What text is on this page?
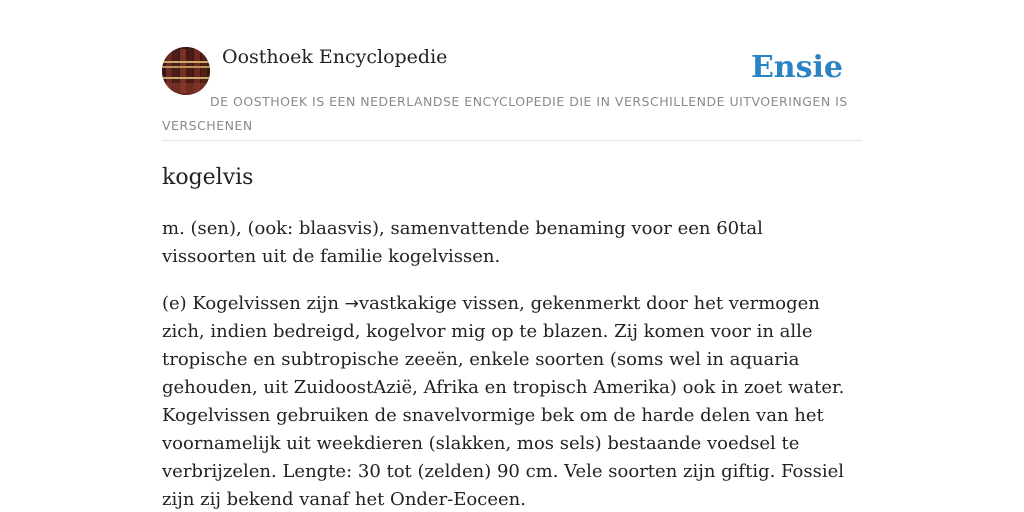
Oosthoek Encyclopedie	Ensie
DE OOSTHOEK IS EEN NEDERLANDSE ENCYCLOPEDIE DIE IN VERSCHILLENDE UITVOERINGEN IS VERSCHENEN
kogelvis

m. (sen), (ook: blaasvis), samenvattende benaming voor een 60tal vissoorten uit de familie kogelvissen.

(e) Kogelvissen zijn →vastkakige vissen, gekenmerkt door het vermogen zich, indien bedreigd, kogelvor mig op te blazen. Zij komen voor in alle tropische en subtropische zeeën, enkele soorten (soms wel in aquaria gehouden, uit ZuidoostAzië, Afrika en tropisch Amerika) ook in zoet water. Kogelvissen gebruiken de snavelvormige bek om de harde delen van het voornamelijk uit weekdieren (slakken, mos sels) bestaande voedsel te verbrijzelen. Lengte: 30 tot (zelden) 90 cm. Vele soorten zijn giftig. Fossiel zijn zij bekend vanaf het Onder-Eoceen.
